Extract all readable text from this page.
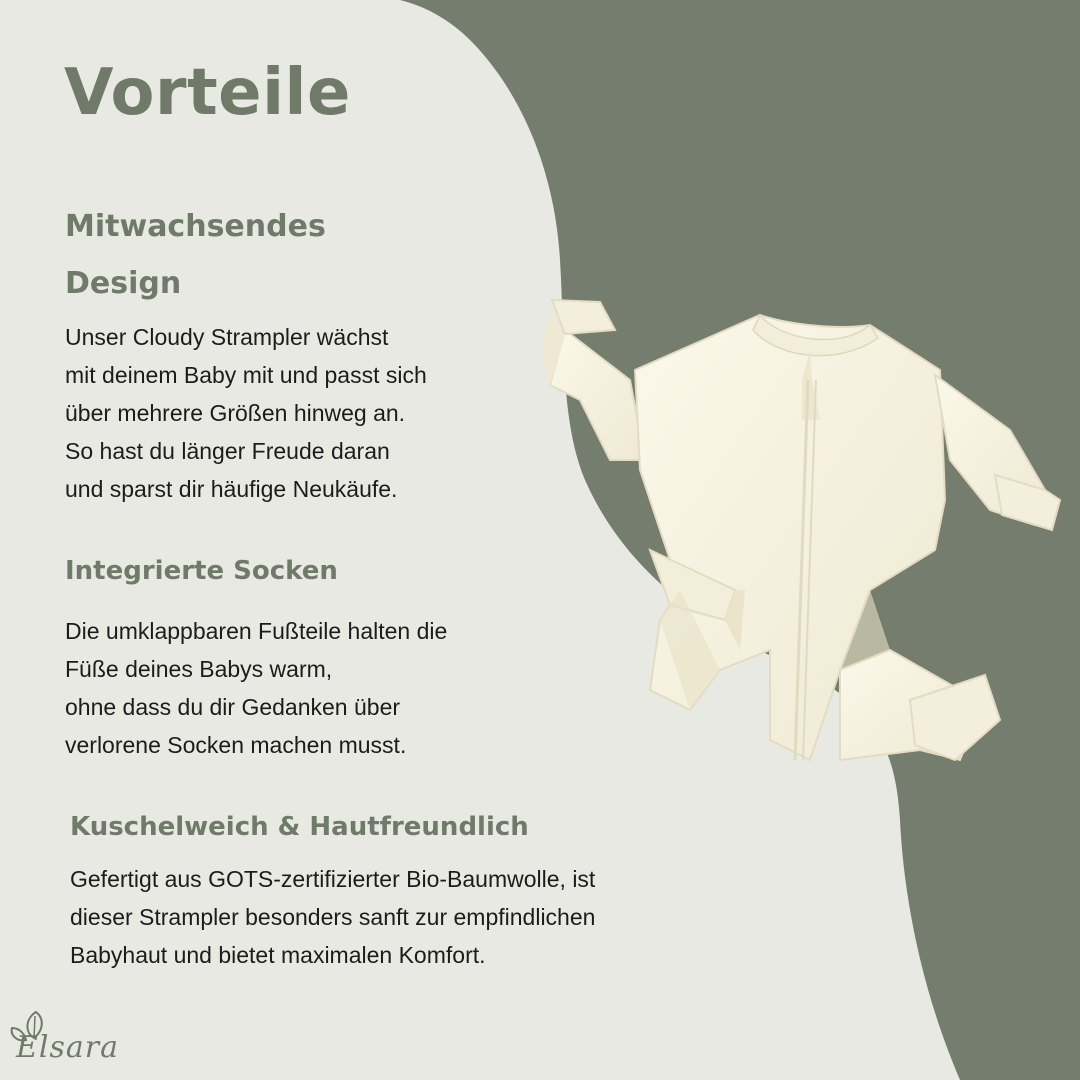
Vorteile
Mitwachsendes
Design
Unser Cloudy Strampler wächst
mit deinem Baby mit und passt sich
über mehrere Größen hinweg an.
So hast du länger Freude daran
und sparst dir häufige Neukäufe.
Integrierte Socken
Die umklappbaren Fußteile halten die
Füße deines Babys warm,
ohne dass du dir Gedanken über
verlorene Socken machen musst.
Kuschelweich & Hautfreundlich
Gefertigt aus GOTS-zertifizierter Bio-Baumwolle, ist
dieser Strampler besonders sanft zur empfindlichen
Babyhaut und bietet maximalen Komfort.
Elsara
